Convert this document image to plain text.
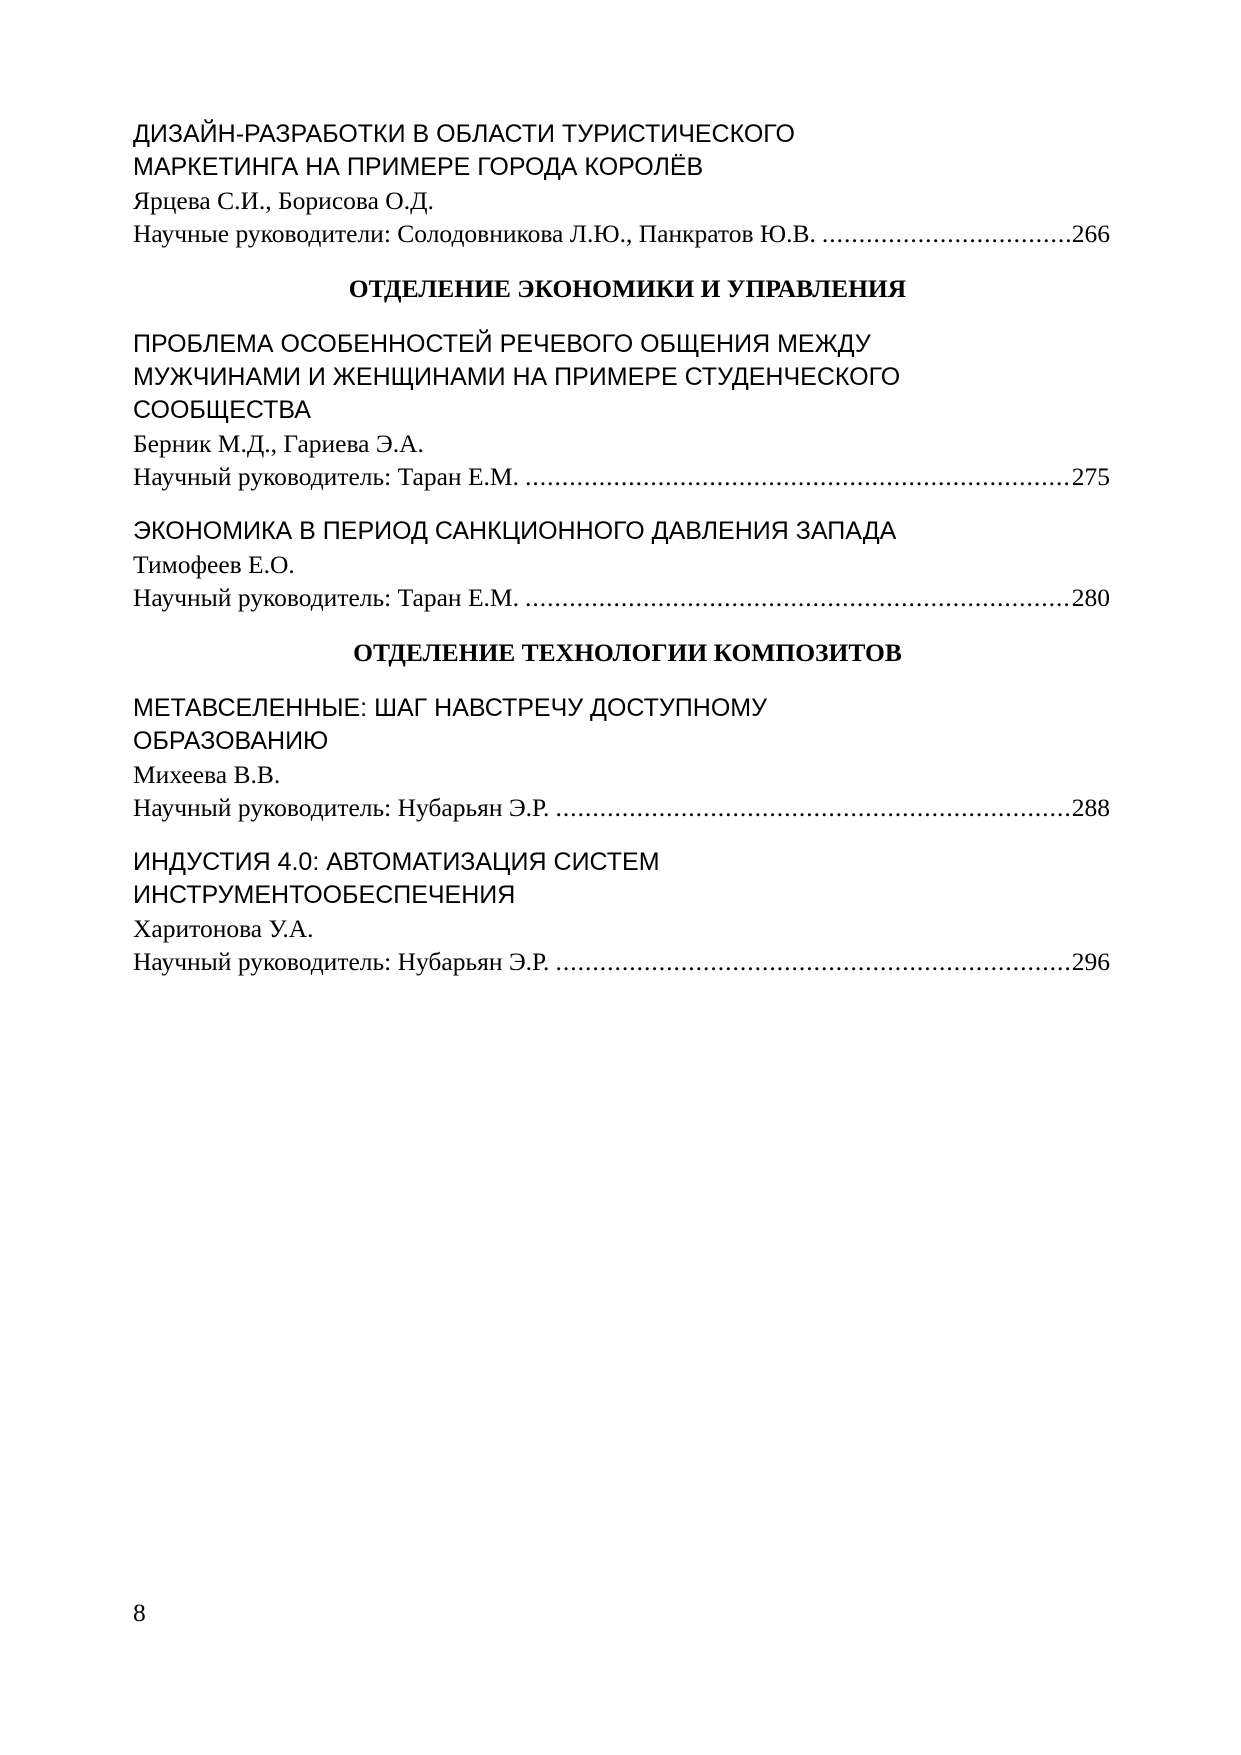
ДИЗАЙН-РАЗРАБОТКИ В ОБЛАСТИ ТУРИСТИЧЕСКОГО
МАРКЕТИНГА НА ПРИМЕРЕ ГОРОДА КОРОЛЁВ
Ярцева С.И., Борисова О.Д.
Научные руководители: Солодовникова Л.Ю., Панкратов Ю.В. .....	266
ОТДЕЛЕНИЕ ЭКОНОМИКИ И УПРАВЛЕНИЯ
ПРОБЛЕМА ОСОБЕННОСТЕЙ РЕЧЕВОГО ОБЩЕНИЯ МЕЖДУ
МУЖЧИНАМИ И ЖЕНЩИНАМИ НА ПРИМЕРЕ СТУДЕНЧЕСКОГО
СООБЩЕСТВА
Берник М.Д., Гариева Э.А.
Научный руководитель: Таран Е.М. .....	275
ЭКОНОМИКА В ПЕРИОД САНКЦИОННОГО ДАВЛЕНИЯ ЗАПАДА
Тимофеев Е.О.
Научный руководитель: Таран Е.М. .....	280
ОТДЕЛЕНИЕ ТЕХНОЛОГИИ КОМПОЗИТОВ
МЕТАВСЕЛЕННЫЕ: ШАГ НАВСТРЕЧУ ДОСТУПНОМУ
ОБРАЗОВАНИЮ
Михеева В.В.
Научный руководитель: Нубарьян Э.Р. .....	288
ИНДУСТИЯ 4.0: АВТОМАТИЗАЦИЯ СИСТЕМ
ИНСТРУМЕНТООБЕСПЕЧЕНИЯ
Харитонова У.А.
Научный руководитель: Нубарьян Э.Р. .....	296
8
